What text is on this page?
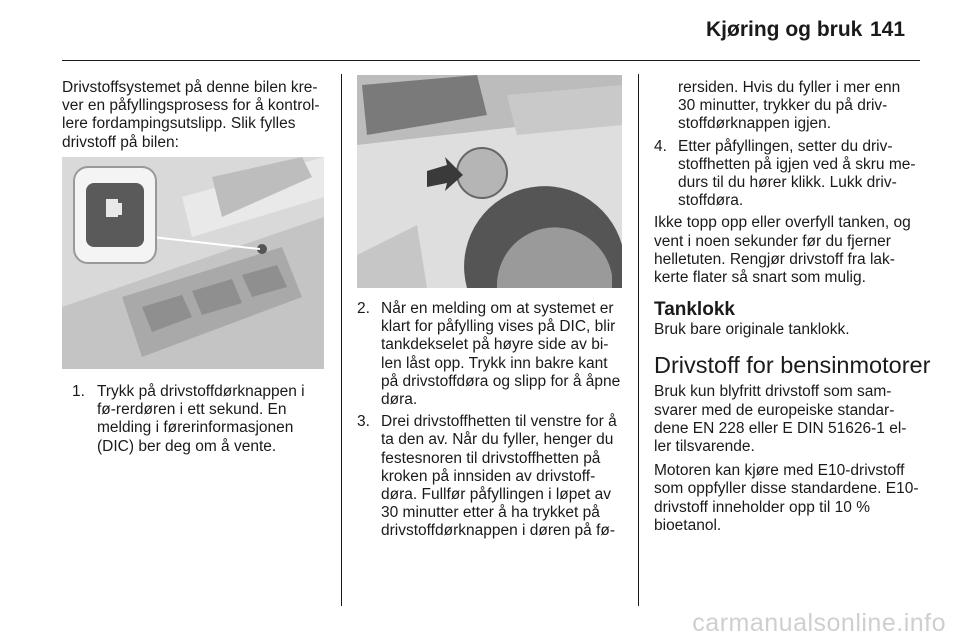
Kjøring og bruk 141

Drivstoffsystemet på denne bilen kre-ver en påfyllingsprosess for å kontrol-lere fordampingsutslipp. Slik fylles drivstoff på bilen:

1. Trykk på drivstoffdørknappen i fø-rerdøren i ett sekund. En melding i førerinformasjonen (DIC) ber deg om å vente.
2. Når en melding om at systemet er klart for påfylling vises på DIC, blir tankdekselet på høyre side av bi-len låst opp. Trykk inn bakre kant på drivstoffdøra og slipp for å åpne døra.
3. Drei drivstoffhetten til venstre for å ta den av. Når du fyller, henger du festesnoren til drivstoffhetten på kroken på innsiden av drivstoff-døra. Fullfør påfyllingen i løpet av 30 minutter etter å ha trykket på drivstoffdørknappen i døren på fø-

rersiden. Hvis du fyller i mer enn 30 minutter, trykker du på driv-stoffdørknappen igjen.

4. Etter påfyllingen, setter du driv-stoffhetten på igjen ved å skru me-durs til du hører klikk. Lukk driv-stoffdøra.

Ikke topp opp eller overfyll tanken, og vent i noen sekunder før du fjerner helletuten. Rengjør drivstoff fra lak-kerte flater så snart som mulig.

Tanklokk

Bruk bare originale tanklokk.

Drivstoff for bensinmotorer

Bruk kun blyfritt drivstoff som sam-svarer med de europeiske standar-dene EN 228 eller E DIN 51626-1 el-ler tilsvarende.

Motoren kan kjøre med E10-drivstoff som oppfyller disse standardene. E10-drivstoff inneholder opp til 10 % bioetanol.

carmanualsonline.info
